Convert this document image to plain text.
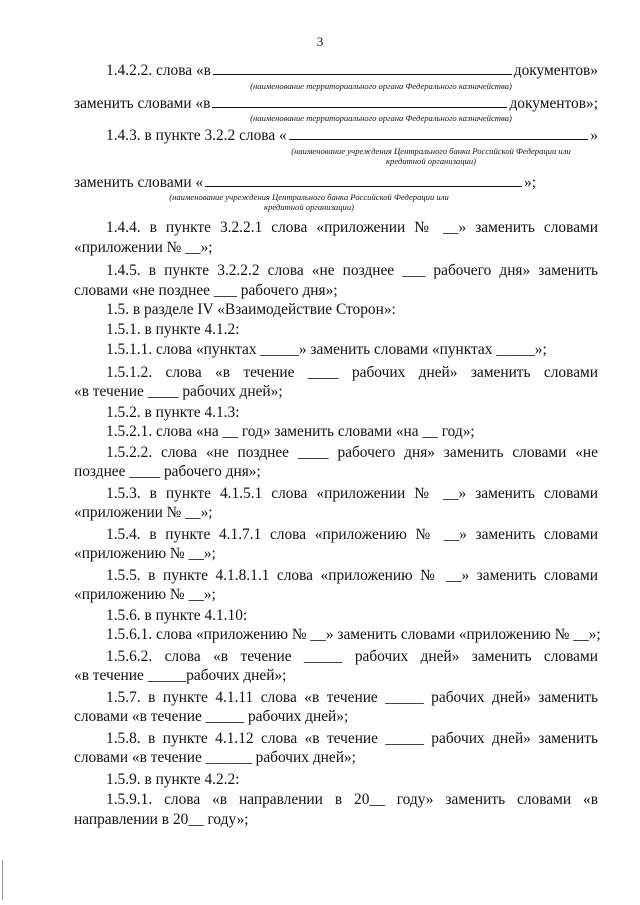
3
1.4.2.2. слова «в	документов»
(наименование территориального органа Федерального казначейства)
заменить словами «в	документов»;
(наименование территориального органа Федерального казначейства)
1.4.3. в пункте 3.2.2 слова «	»
(наименование учреждения Центрального банка Российской Федерации или
кредитной организации)
заменить словами «	»;
(наименование учреждения Центрального банка Российской Федерации или
кредитной организации)
1.4.4. в пункте 3.2.2.1 слова «приложении № __» заменить словами
«приложении № __»;
1.4.5. в пункте 3.2.2.2 слова «не позднее ___ рабочего дня» заменить
словами «не позднее ___ рабочего дня»;
1.5. в разделе IV «Взаимодействие Сторон»:
1.5.1. в пункте 4.1.2:
1.5.1.1. слова «пунктах _____» заменить словами «пунктах _____»;
1.5.1.2. слова «в течение ____ рабочих дней» заменить словами
«в течение ____ рабочих дней»;
1.5.2. в пункте 4.1.3:
1.5.2.1. слова «на __ год» заменить словами «на __ год»;
1.5.2.2. слова «не позднее ____ рабочего дня» заменить словами «не
позднее ____ рабочего дня»;
1.5.3. в пункте 4.1.5.1 слова «приложении № __» заменить словами
«приложении № __»;
1.5.4. в пункте 4.1.7.1 слова «приложению № __» заменить словами
«приложению № __»;
1.5.5. в пункте 4.1.8.1.1 слова «приложению № __» заменить словами
«приложению № __»;
1.5.6. в пункте 4.1.10:
1.5.6.1. слова «приложению № __» заменить словами «приложению № __»;
1.5.6.2. слова «в течение _____ рабочих дней» заменить словами
«в течение _____рабочих дней»;
1.5.7. в пункте 4.1.11 слова «в течение _____ рабочих дней» заменить
словами «в течение _____ рабочих дней»;
1.5.8. в пункте 4.1.12 слова «в течение _____ рабочих дней» заменить
словами «в течение ______ рабочих дней»;
1.5.9. в пункте 4.2.2:
1.5.9.1. слова «в направлении в 20__ году» заменить словами «в
направлении в 20__ году»;
